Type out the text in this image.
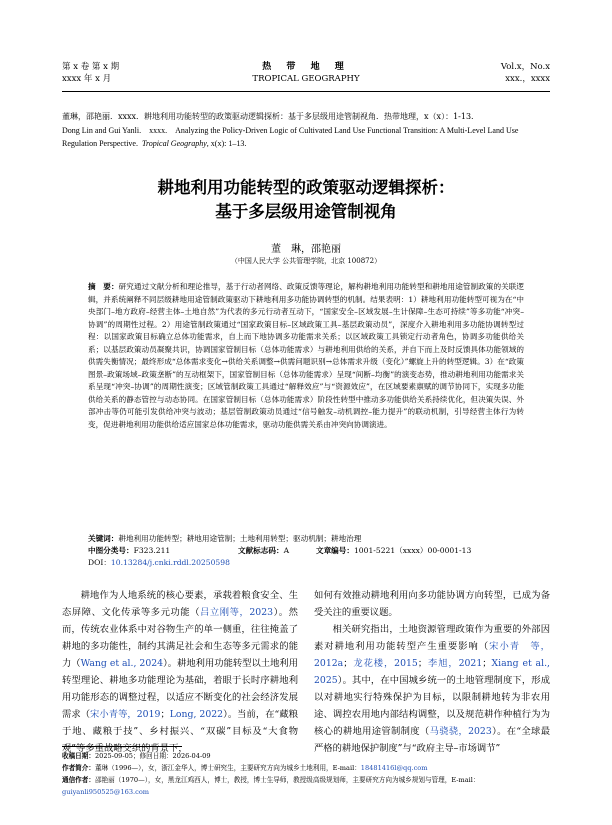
第 x 卷 第 x 期
xxxx 年 x 月
热 带 地 理
TROPICAL GEOGRAPHY
Vol.x，No.x
xxx.，xxxx
董琳，邵艳丽．xxxx．耕地利用功能转型的政策驱动逻辑探析：基于多层级用途管制视角．热带地理，x（x）：1-13.
Dong Lin and Gui Yanli.　xxxx.　Analyzing the Policy-Driven Logic of Cultivated Land Use Functional Transition: A Multi-Level Land Use Regulation Perspective. Tropical Geography, x(x): 1–13.
耕地利用功能转型的政策驱动逻辑探析：
基于多层级用途管制视角
董　琳，邵艳丽
（中国人民大学 公共管理学院，北京 100872）
摘　要：研究通过文献分析和理论推导，基于行动者网络、政策反馈等理论，解构耕地利用功能转型和耕地用途管制政策的关联逻辑，并系统阐释不同层级耕地用途管制政策驱动下耕地利用多功能协调转型的机制。结果表明：1）耕地利用功能转型可视为在“中央部门–地方政府–经营主体–土地自然”为代表的多元行动者互动下，“国家安全–区域发展–生计保障–生态可持续”等多功能“冲突–协调”的周期性过程。2）用途管制政策通过“国家政策目标–区域政策工具–基层政策动员”，深度介入耕地利用多功能协调转型过程：以国家政策目标确立总体功能需求，自上而下地协调多功能需求关系；以区域政策工具锁定行动者角色，协调多功能供给关系；以基层政策动员凝聚共识，协调国家管制目标（总体功能需求）与耕地利用供给的关系，并自下而上及时反馈具体功能领域的供需失衡情况；最终形成“总体需求变化→供给关系调整→供需问题识别→总体需求升级（变化）”螺旋上升的转型逻辑。3）在“政策图景–政策场域–政策垄断”的互动框架下，国家管制目标（总体功能需求）呈现“间断–均衡”的演变态势，推动耕地利用功能需求关系呈现“冲突–协调”的周期性演变；区域管制政策工具通过“解释效应”与“资源效应”，在区域要素禀赋的调节协同下，实现多功能供给关系的静态管控与动态协同。在国家管制目标（总体功能需求）阶段性转型中推动多功能供给关系持续优化，但决策失误、外部冲击等仍可能引发供给冲突与波动；基层管制政策动员通过“信号触发–动机调控–能力提升”的联动机制，引导经营主体行为转变，促进耕地利用功能供给适应国家总体功能需求，驱动功能供需关系由冲突向协调演进。
关键词：耕地利用功能转型；耕地用途管制；土地利用转型；驱动机制；耕地治理
中图分类号：F323.211	文献标志码：A	文章编号：1001-5221（xxxx）00-0001-13
DOI：10.13284/j.cnki.rddl.20250598

耕地作为人地系统的核心要素，承载着粮食安全、生态屏障、文化传承等多元功能（吕立刚等，2023）。然而，传统农业体系中对谷物生产的单一侧重，往往掩盖了耕地的多功能性，制约其满足社会和生态等多元需求的能力（Wang et al., 2024）。耕地利用功能转型以土地利用转型理论、耕地多功能理论为基础，着眼于长时序耕地利用功能形态的调整过程，以适应不断变化的社会经济发展需求（宋小青等，2019；Long, 2022）。当前，在“藏粮于地、藏粮于技”、乡村振兴、“双碳”目标及“大食物观”等多重战略交织的背景下，

如何有效推动耕地利用向多功能协调方向转型，已成为备受关注的重要议题。

相关研究指出，土地资源管理政策作为重要的外部因素对耕地利用功能转型产生重要影响（宋小青　等，2012a；龙花楼，2015；李旭，2021；Xiang et al., 2025）。其中，在中国城乡统一的土地管理制度下，形成以对耕地实行特殊保护为目标，以限制耕地转为非农用途、调控农用地内部结构调整，以及规范耕作种植行为为核心的耕地用途管制制度（马骁骁，2023）。在“全球最严格的耕地保护制度”与“政府主导–市场调节”

收稿日期：2025-09-05；修回日期：2026-04-09
作者简介：董琳（1996—），女，浙江金华人，博士研究生，主要研究方向为城乡土地利用，E-mail：18481416l@qq.com
通信作者：邵艳丽（1970—），女，黑龙江鸡西人，博士，教授，博士生导师，教授级高级规划师，主要研究方向为城乡规划与管理，E-mail：guiyanli950525@163.com
